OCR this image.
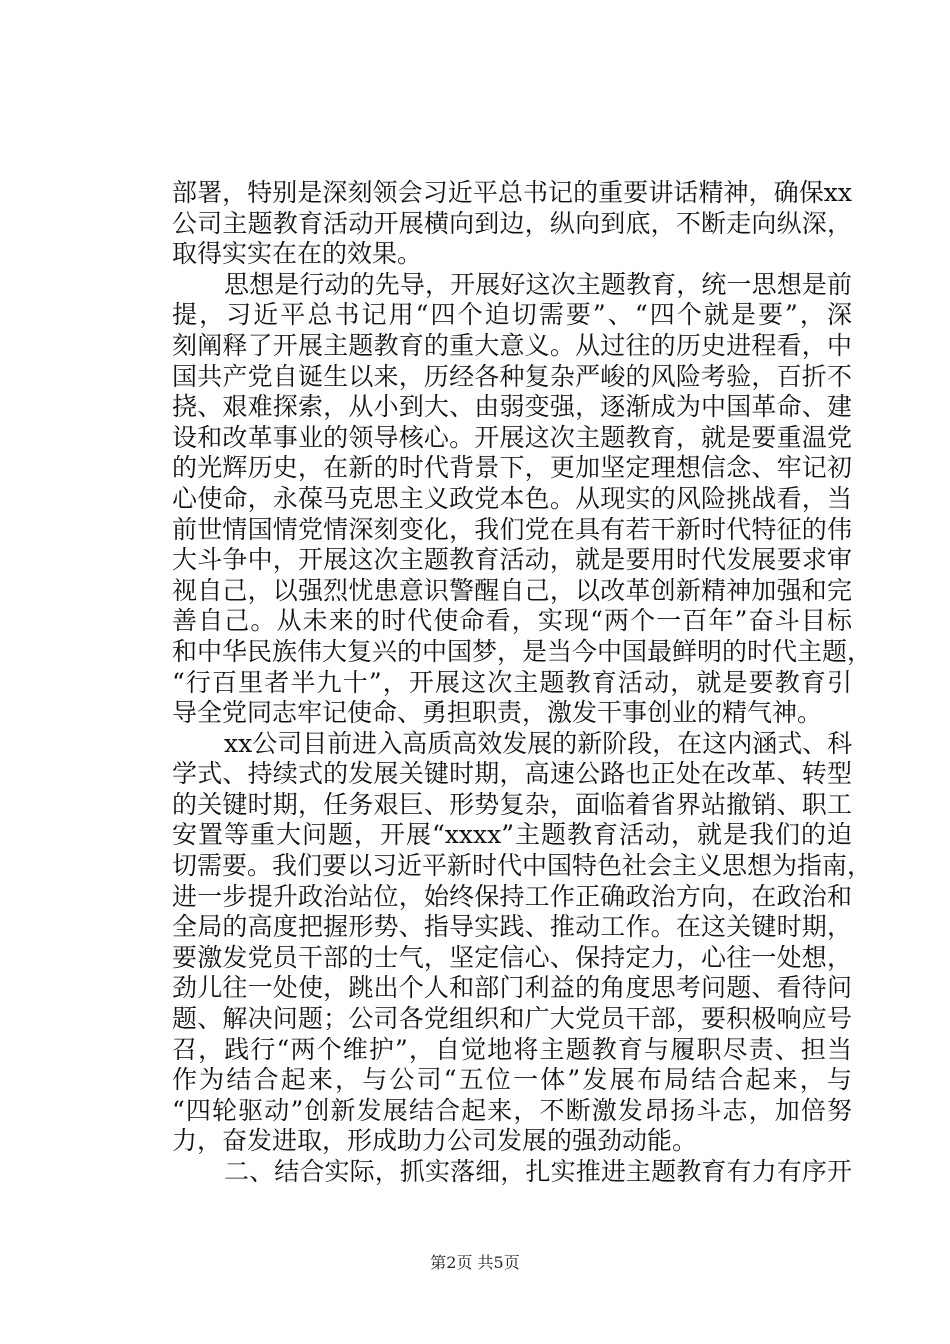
部署，特别是深刻领会习近平总书记的重要讲话精神，确保xx
公司主题教育活动开展横向到边，纵向到底，不断走向纵深，
取得实实在在的效果。
思想是行动的先导，开展好这次主题教育，统一思想是前
提，习近平总书记用“四个迫切需要”、“四个就是要”，深
刻阐释了开展主题教育的重大意义。从过往的历史进程看，中
国共产党自诞生以来，历经各种复杂严峻的风险考验，百折不
挠、艰难探索，从小到大、由弱变强，逐渐成为中国革命、建
设和改革事业的领导核心。开展这次主题教育，就是要重温党
的光辉历史，在新的时代背景下，更加坚定理想信念、牢记初
心使命，永葆马克思主义政党本色。从现实的风险挑战看，当
前世情国情党情深刻变化，我们党在具有若干新时代特征的伟
大斗争中，开展这次主题教育活动，就是要用时代发展要求审
视自己，以强烈忧患意识警醒自己，以改革创新精神加强和完
善自己。从未来的时代使命看，实现“两个一百年”奋斗目标
和中华民族伟大复兴的中国梦，是当今中国最鲜明的时代主题，
“行百里者半九十”，开展这次主题教育活动，就是要教育引
导全党同志牢记使命、勇担职责，激发干事创业的精气神。
xx公司目前进入高质高效发展的新阶段，在这内涵式、科
学式、持续式的发展关键时期，高速公路也正处在改革、转型
的关键时期，任务艰巨、形势复杂，面临着省界站撤销、职工
安置等重大问题，开展“xxxx”主题教育活动，就是我们的迫
切需要。我们要以习近平新时代中国特色社会主义思想为指南，
进一步提升政治站位，始终保持工作正确政治方向，在政治和
全局的高度把握形势、指导实践、推动工作。在这关键时期，
要激发党员干部的士气，坚定信心、保持定力，心往一处想，
劲儿往一处使，跳出个人和部门利益的角度思考问题、看待问
题、解决问题；公司各党组织和广大党员干部，要积极响应号
召，践行“两个维护”，自觉地将主题教育与履职尽责、担当
作为结合起来，与公司“五位一体”发展布局结合起来，与
“四轮驱动”创新发展结合起来，不断激发昂扬斗志，加倍努
力，奋发进取，形成助力公司发展的强劲动能。
二、结合实际，抓实落细，扎实推进主题教育有力有序开
第2页 共5页
